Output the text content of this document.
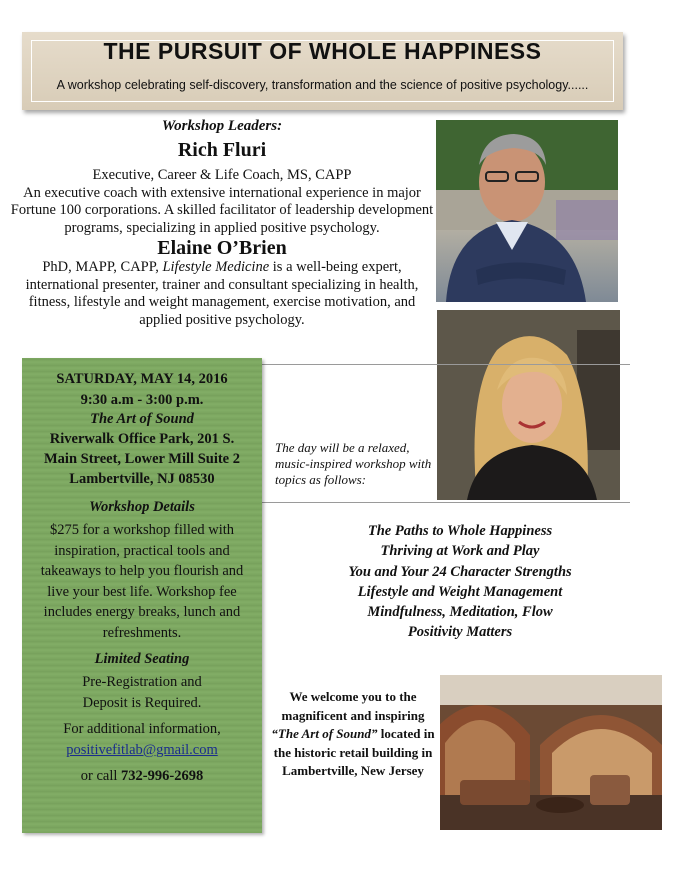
THE PURSUIT OF WHOLE HAPPINESS
A workshop celebrating self-discovery, transformation and the science of positive psychology......
Workshop Leaders:
Rich Fluri
Executive, Career & Life Coach, MS, CAPP
An executive coach with extensive international experience in major Fortune 100 corporations. A skilled facilitator of leadership development programs, specializing in applied positive psychology.
Elaine O’Brien
PhD, MAPP, CAPP, Lifestyle Medicine is a well-being expert, international presenter, trainer and consultant specializing in health, fitness, lifestyle and weight management, exercise motivation, and applied positive psychology.
SATURDAY, MAY 14, 2016
9:30 a.m - 3:00 p.m.
The Art of Sound
Riverwalk Office Park, 201 S.
Main Street, Lower Mill Suite 2
Lambertville, NJ 08530
Workshop Details
$275 for a workshop filled with inspiration, practical tools and takeaways to help you flourish and live your best life. Workshop fee includes energy breaks, lunch and refreshments.
Limited Seating
Pre-Registration and Deposit is Required.
For additional information,
positivefitlab@gmail.com
or call 732-996-2698
The day will be a relaxed, music-inspired workshop with topics as follows:
The Paths to Whole Happiness
Thriving at Work and Play
You and Your 24 Character Strengths
Lifestyle and Weight Management
Mindfulness, Meditation, Flow
Positivity Matters
We welcome you to the magnificent and inspiring “The Art of Sound” located in the historic retail building in Lambertville, New Jersey
